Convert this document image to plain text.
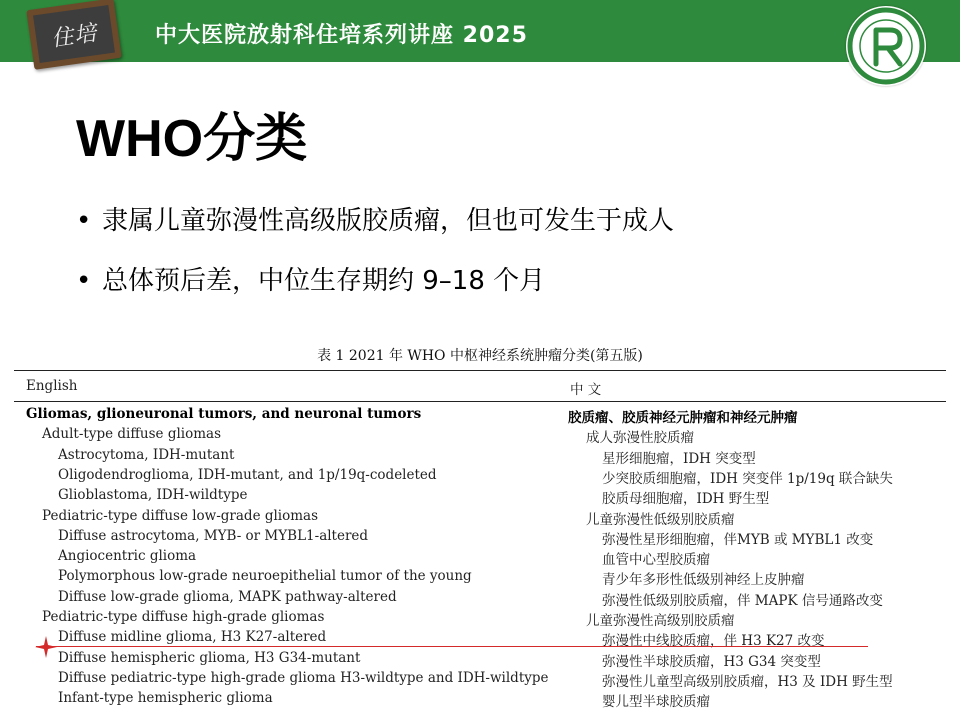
住培	中大医院放射科住培系列讲座 2025
WHO分类
• 隶属儿童弥漫性高级版胶质瘤，但也可发生于成人
• 总体预后差，中位生存期约 9–18 个月
表 1 2021 年 WHO 中枢神经系统肿瘤分类(第五版)
English	中 文
Gliomas, glioneuronal tumors, and neuronal tumors	胶质瘤、胶质神经元肿瘤和神经元肿瘤
Adult-type diffuse gliomas	成人弥漫性胶质瘤
Astrocytoma, IDH-mutant	星形细胞瘤，IDH 突变型
Oligodendroglioma, IDH-mutant, and 1p/19q-codeleted	少突胶质细胞瘤，IDH 突变伴 1p/19q 联合缺失
Glioblastoma, IDH-wildtype	胶质母细胞瘤，IDH 野生型
Pediatric-type diffuse low-grade gliomas	儿童弥漫性低级别胶质瘤
Diffuse astrocytoma, MYB- or MYBL1-altered	弥漫性星形细胞瘤，伴MYB 或 MYBL1 改变
Angiocentric glioma	血管中心型胶质瘤
Polymorphous low-grade neuroepithelial tumor of the young	青少年多形性低级别神经上皮肿瘤
Diffuse low-grade glioma, MAPK pathway-altered	弥漫性低级别胶质瘤，伴 MAPK 信号通路改变
Pediatric-type diffuse high-grade gliomas	儿童弥漫性高级别胶质瘤
Diffuse midline glioma, H3 K27-altered	弥漫性中线胶质瘤，伴 H3 K27 改变
Diffuse hemispheric glioma, H3 G34-mutant	弥漫性半球胶质瘤，H3 G34 突变型
Diffuse pediatric-type high-grade glioma H3-wildtype and IDH-wildtype	弥漫性儿童型高级别胶质瘤，H3 及 IDH 野生型
Infant-type hemispheric glioma	婴儿型半球胶质瘤
